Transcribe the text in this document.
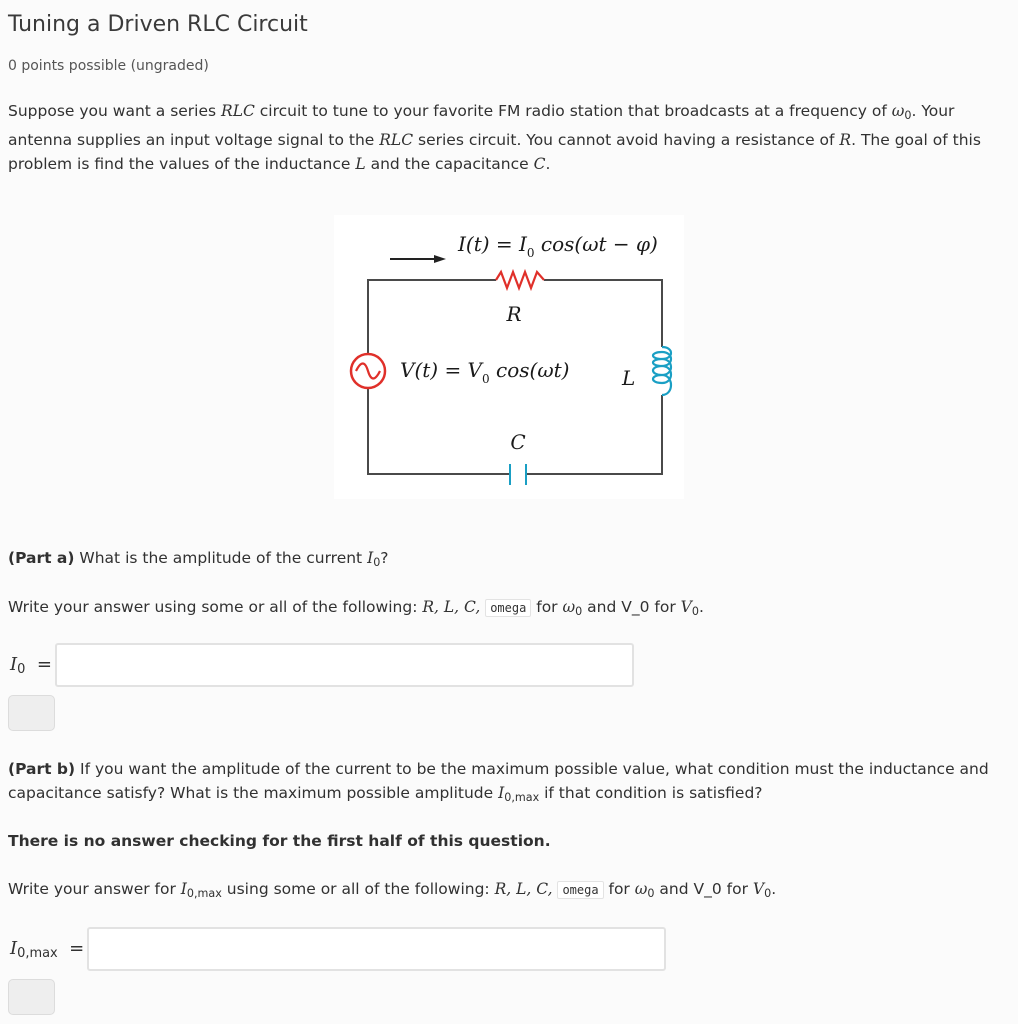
Tuning a Driven RLC Circuit
0 points possible (ungraded)
Suppose you want a series RLC circuit to tune to your favorite FM radio station that broadcasts at a frequency of $\omega_0$. Your antenna supplies an input voltage signal to the RLC series circuit. You cannot avoid having a resistance of R. The goal of this problem is find the values of the inductance L and the capacitance C.
$I(t) = I_0$ cos(ωt − φ)
R
$V(t) = V_0$ cos(ωt)	L
C
(Part a) What is the amplitude of the current $I_0$?
Write your answer using some or all of the following: R, L, C, omega for $\omega_0$ and V_0 for $V_0$.
$I_0$ =
(Part b) If you want the amplitude of the current to be the maximum possible value, what condition must the inductance and capacitance satisfy? What is the maximum possible amplitude $I_{0,max}$ if that condition is satisfied?
There is no answer checking for the first half of this question.
Write your answer for $I_{0,max}$ using some or all of the following: R, L, C, omega for $\omega_0$ and V_0 for $V_0$.
$I_{0,max}$ =
